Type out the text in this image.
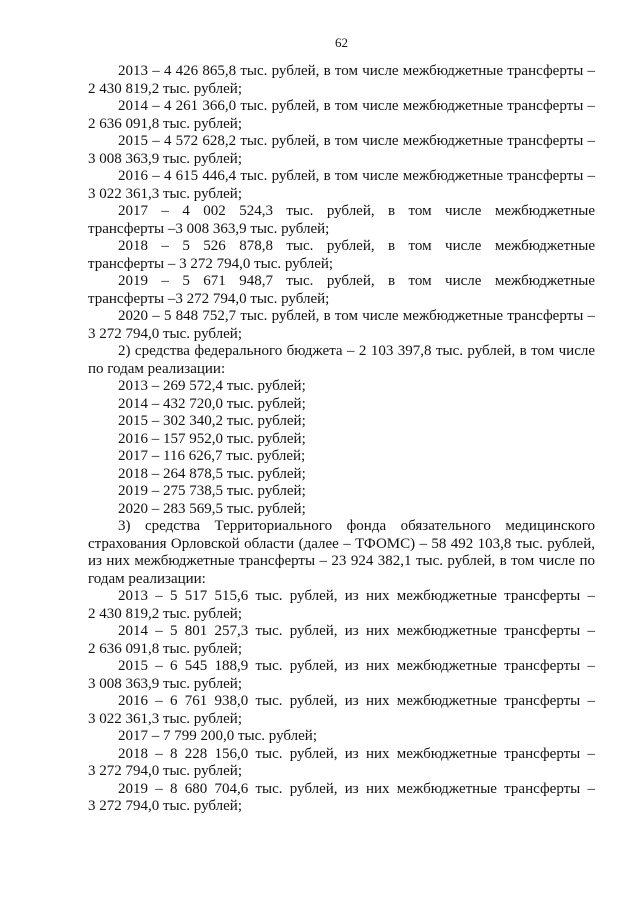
62
2013 – 4 426 865,8 тыс. рублей, в том числе межбюджетные трансферты –
2 430 819,2 тыс. рублей;
2014 – 4 261 366,0 тыс. рублей, в том числе межбюджетные трансферты –
2 636 091,8 тыс. рублей;
2015 – 4 572 628,2 тыс. рублей, в том числе межбюджетные трансферты –
3 008 363,9 тыс. рублей;
2016 – 4 615 446,4 тыс. рублей, в том числе межбюджетные трансферты –
3 022 361,3 тыс. рублей;
2017 – 4 002 524,3 тыс. рублей, в том числе межбюджетные
трансферты –3 008 363,9 тыс. рублей;
2018 – 5 526 878,8 тыс. рублей, в том числе межбюджетные
трансферты – 3 272 794,0 тыс. рублей;
2019 – 5 671 948,7 тыс. рублей, в том числе межбюджетные
трансферты –3 272 794,0 тыс. рублей;
2020 – 5 848 752,7 тыс. рублей, в том числе межбюджетные трансферты –
3 272 794,0 тыс. рублей;
2) средства федерального бюджета – 2 103 397,8 тыс. рублей, в том числе
по годам реализации:
2013 – 269 572,4 тыс. рублей;
2014 – 432 720,0 тыс. рублей;
2015 – 302 340,2 тыс. рублей;
2016 – 157 952,0 тыс. рублей;
2017 – 116 626,7 тыс. рублей;
2018 – 264 878,5 тыс. рублей;
2019 – 275 738,5 тыс. рублей;
2020 – 283 569,5 тыс. рублей;
3) средства Территориального фонда обязательного медицинского
страхования Орловской области (далее – ТФОМС) – 58 492 103,8 тыс. рублей,
из них межбюджетные трансферты – 23 924 382,1 тыс. рублей, в том числе по
годам реализации:
2013 – 5 517 515,6 тыс. рублей, из них межбюджетные трансферты –
2 430 819,2 тыс. рублей;
2014 – 5 801 257,3 тыс. рублей, из них межбюджетные трансферты –
2 636 091,8 тыс. рублей;
2015 – 6 545 188,9 тыс. рублей, из них межбюджетные трансферты –
3 008 363,9 тыс. рублей;
2016 – 6 761 938,0 тыс. рублей, из них межбюджетные трансферты –
3 022 361,3 тыс. рублей;
2017 – 7 799 200,0 тыс. рублей;
2018 – 8 228 156,0 тыс. рублей, из них межбюджетные трансферты –
3 272 794,0 тыс. рублей;
2019 – 8 680 704,6 тыс. рублей, из них межбюджетные трансферты –
3 272 794,0 тыс. рублей;
